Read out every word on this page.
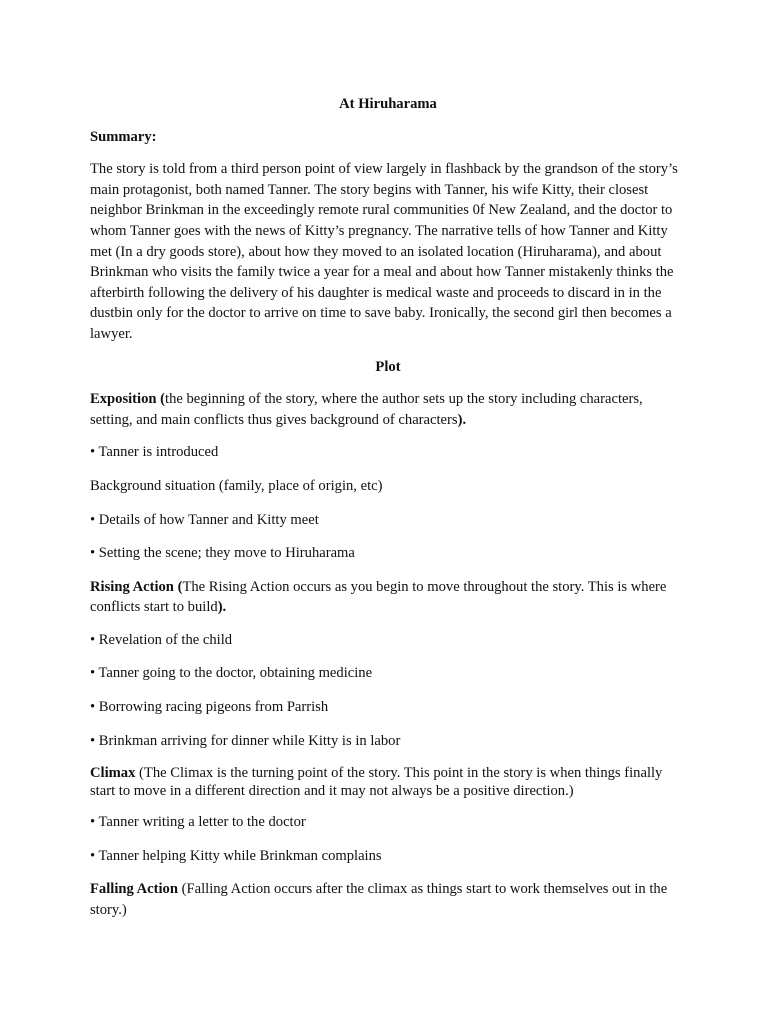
At Hiruharama
Summary:

The story is told from a third person point of view largely in flashback by the grandson of the story’s main protagonist, both named Tanner. The story begins with Tanner, his wife Kitty, their closest neighbor Brinkman in the exceedingly remote rural communities 0f New Zealand, and the doctor to whom Tanner goes with the news of Kitty’s pregnancy. The narrative tells of how Tanner and Kitty met (In a dry goods store), about how they moved to an isolated location (Hiruharama), and about Brinkman who visits the family twice a year for a meal and about how Tanner mistakenly thinks the afterbirth following the delivery of his daughter is medical waste and proceeds to discard in in the dustbin only for the doctor to arrive on time to save baby. Ironically, the second girl then becomes a lawyer.

Plot

Exposition (the beginning of the story, where the author sets up the story including characters, setting, and main conflicts thus gives background of characters).

• Tanner is introduced

Background situation (family, place of origin, etc)

• Details of how Tanner and Kitty meet

• Setting the scene; they move to Hiruharama

Rising Action (The Rising Action occurs as you begin to move throughout the story. This is where conflicts start to build).

• Revelation of the child

• Tanner going to the doctor, obtaining medicine

• Borrowing racing pigeons from Parrish

• Brinkman arriving for dinner while Kitty is in labor

Climax (The Climax is the turning point of the story. This point in the story is when things finally start to move in a different direction and it may not always be a positive direction.)

• Tanner writing a letter to the doctor

• Tanner helping Kitty while Brinkman complains

Falling Action (Falling Action occurs after the climax as things start to work themselves out in the story.)
